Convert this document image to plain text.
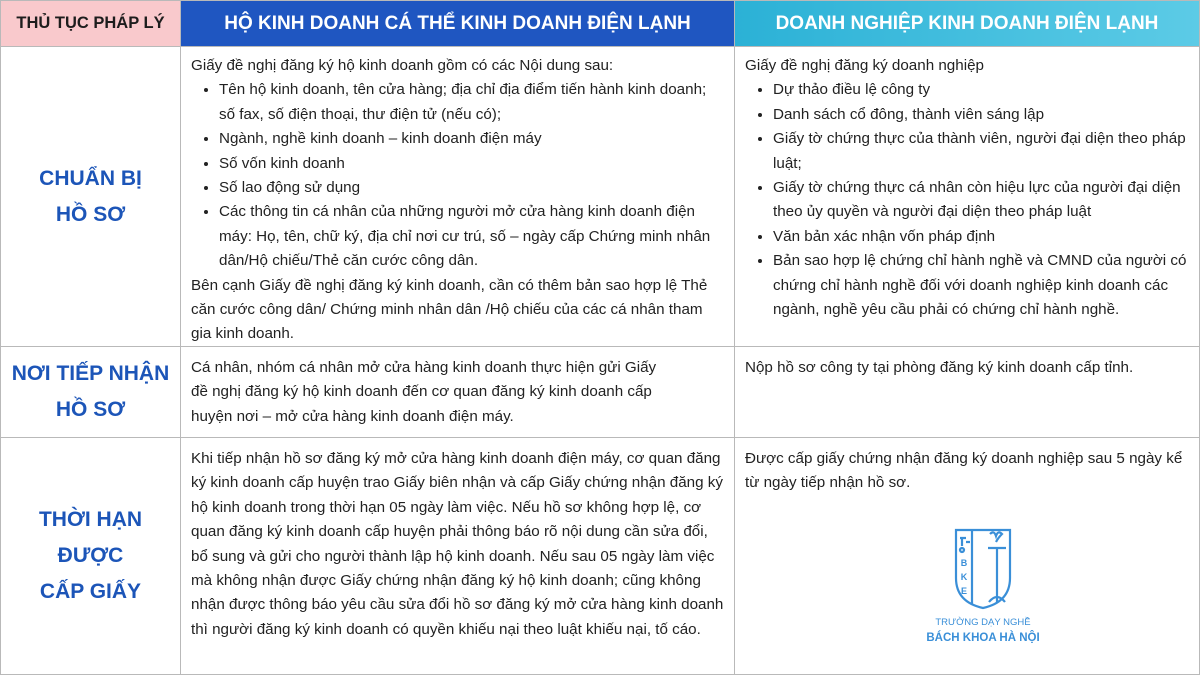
THỦ TỤC PHÁP LÝ	HỘ KINH DOANH CÁ THỂ KINH DOANH ĐIỆN LẠNH	DOANH NGHIỆP KINH DOANH ĐIỆN LẠNH
CHUẨN BỊ
HỒ SƠ

Giấy đề nghị đăng ký hộ kinh doanh gồm có các Nội dung sau:

• Tên hộ kinh doanh, tên cửa hàng; địa chỉ địa điểm tiến hành kinh doanh; số fax, số điện thoại, thư điện tử (nếu có);
• Ngành, nghề kinh doanh – kinh doanh điện máy
• Số vốn kinh doanh
• Số lao động sử dụng
• Các thông tin cá nhân của những người mở cửa hàng kinh doanh điện máy: Họ, tên, chữ ký, địa chỉ nơi cư trú, số – ngày cấp Chứng minh nhân dân/Hộ chiếu/Thẻ căn cước công dân.

Bên cạnh Giấy đề nghị đăng ký kinh doanh, cần có thêm bản sao hợp lệ Thẻ căn cước công dân/ Chứng minh nhân dân /Hộ chiếu của các cá nhân tham gia kinh doanh.

Giấy đề nghị đăng ký doanh nghiệp

• Dự thảo điều lệ công ty
• Danh sách cổ đông, thành viên sáng lập
• Giấy tờ chứng thực của thành viên, người đại diện theo pháp luật;
• Giấy tờ chứng thực cá nhân còn hiệu lực của người đại diện theo ủy quyền và người đại diện theo pháp luật
• Văn bản xác nhận vốn pháp định
• Bản sao hợp lệ chứng chỉ hành nghề và CMND của người có chứng chỉ hành nghề đối với doanh nghiệp kinh doanh các ngành, nghề yêu cầu phải có chứng chỉ hành nghề.
NƠI TIẾP NHẬN
HỒ SƠ

Cá nhân, nhóm cá nhân mở cửa hàng kinh doanh thực hiện gửi Giấy đề nghị đăng ký hộ kinh doanh đến cơ quan đăng ký kinh doanh cấp huyện nơi – mở cửa hàng kinh doanh điện máy.

Nộp hồ sơ công ty tại phòng đăng ký kinh doanh cấp tỉnh.

THỜI HẠN
ĐƯỢC
CẤP GIẤY

Khi tiếp nhận hồ sơ đăng ký mở cửa hàng kinh doanh điện máy, cơ quan đăng ký kinh doanh cấp huyện trao Giấy biên nhận và cấp Giấy chứng nhận đăng ký hộ kinh doanh trong thời hạn 05 ngày làm việc. Nếu hồ sơ không hợp lệ, cơ quan đăng ký kinh doanh cấp huyện phải thông báo rõ nội dung cần sửa đổi, bổ sung và gửi cho người thành lập hộ kinh doanh. Nếu sau 05 ngày làm việc mà không nhận được Giấy chứng nhận đăng ký hộ kinh doanh; cũng không nhận được thông báo yêu cầu sửa đổi hồ sơ đăng ký mở cửa hàng kinh doanh thì người đăng ký kinh doanh có quyền khiếu nại theo luật khiếu nại, tố cáo.

Được cấp giấy chứng nhận đăng ký doanh nghiệp sau 5 ngày kể từ ngày tiếp nhận hồ sơ.

B
K
E
TRƯỜNG DẠY NGHỀ
BÁCH KHOA HÀ NỘI
